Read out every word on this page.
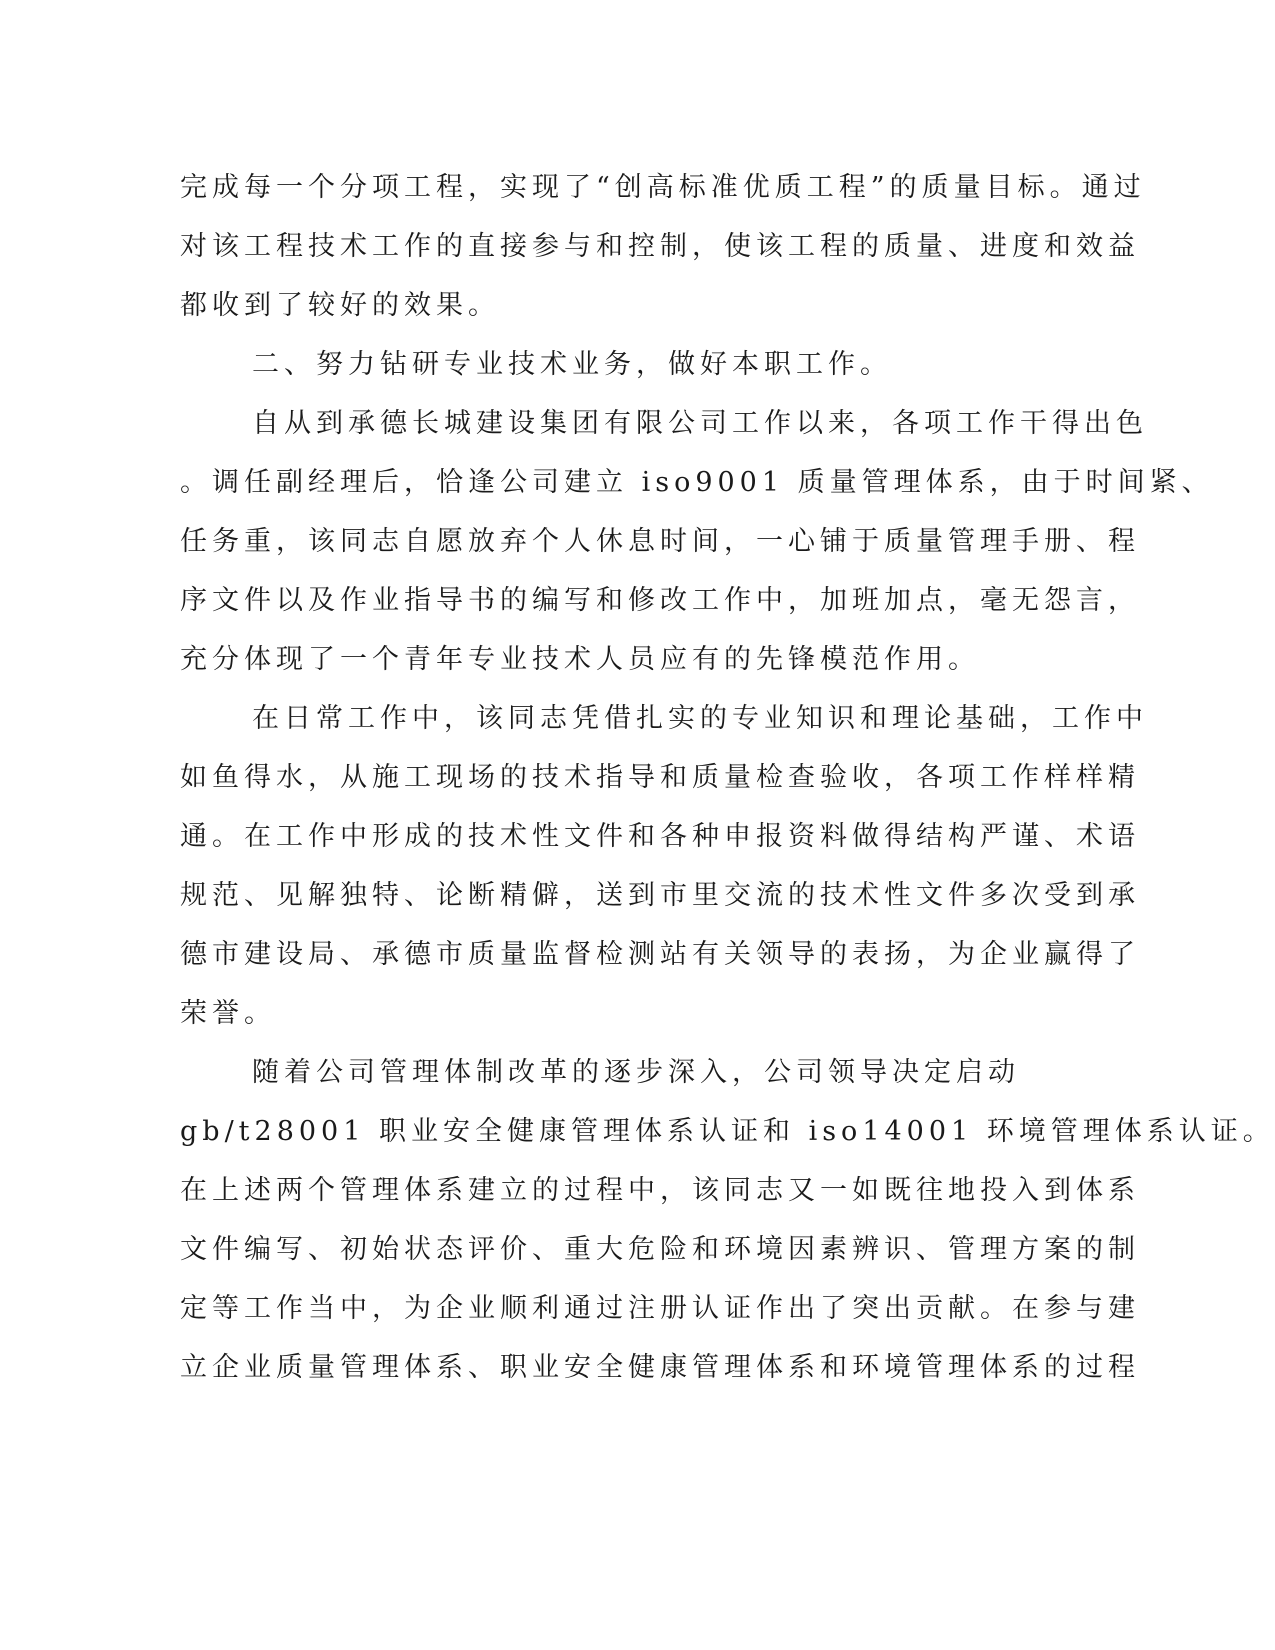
完成每一个分项工程，实现了“创高标准优质工程”的质量目标。通过
对该工程技术工作的直接参与和控制，使该工程的质量、进度和效益
都收到了较好的效果。
二、努力钻研专业技术业务，做好本职工作。
自从到承德长城建设集团有限公司工作以来，各项工作干得出色
。调任副经理后，恰逢公司建立 iso9001 质量管理体系，由于时间紧、
任务重，该同志自愿放弃个人休息时间，一心铺于质量管理手册、程
序文件以及作业指导书的编写和修改工作中，加班加点，毫无怨言，
充分体现了一个青年专业技术人员应有的先锋模范作用。
在日常工作中，该同志凭借扎实的专业知识和理论基础，工作中
如鱼得水，从施工现场的技术指导和质量检查验收，各项工作样样精
通。在工作中形成的技术性文件和各种申报资料做得结构严谨、术语
规范、见解独特、论断精僻，送到市里交流的技术性文件多次受到承
德市建设局、承德市质量监督检测站有关领导的表扬，为企业赢得了
荣誉。
随着公司管理体制改革的逐步深入，公司领导决定启动
gb/t28001 职业安全健康管理体系认证和 iso14001 环境管理体系认证。
在上述两个管理体系建立的过程中，该同志又一如既往地投入到体系
文件编写、初始状态评价、重大危险和环境因素辨识、管理方案的制
定等工作当中，为企业顺利通过注册认证作出了突出贡献。在参与建
立企业质量管理体系、职业安全健康管理体系和环境管理体系的过程
